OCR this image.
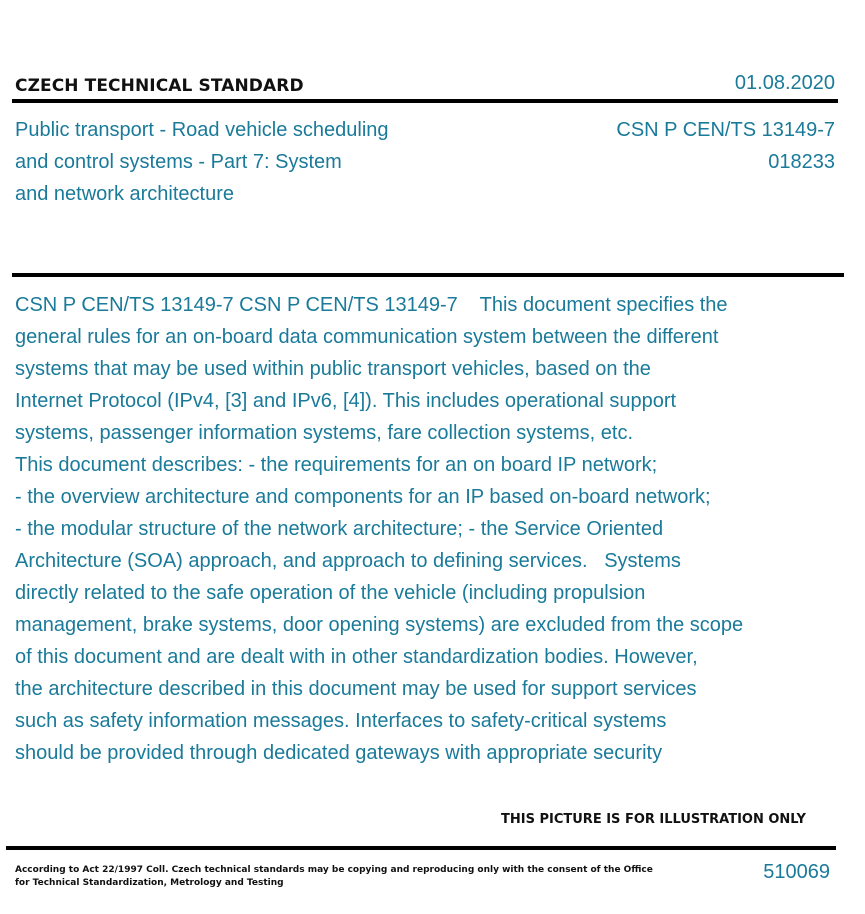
CZECH TECHNICAL STANDARD	01.08.2020
Public transport - Road vehicle scheduling
and control systems - Part 7: System
and network architecture
CSN P CEN/TS 13149-7
018233
CSN P CEN/TS 13149-7 CSN P CEN/TS 13149-7    This document specifies the
general rules for an on-board data communication system between the different
systems that may be used within public transport vehicles, based on the
Internet Protocol (IPv4, [3] and IPv6, [4]). This includes operational support
systems, passenger information systems, fare collection systems, etc.
This document describes: - the requirements for an on board IP network;
- the overview architecture and components for an IP based on-board network;
- the modular structure of the network architecture; - the Service Oriented
Architecture (SOA) approach, and approach to defining services.   Systems
directly related to the safe operation of the vehicle (including propulsion
management, brake systems, door opening systems) are excluded from the scope
of this document and are dealt with in other standardization bodies. However,
the architecture described in this document may be used for support services
such as safety information messages. Interfaces to safety-critical systems
should be provided through dedicated gateways with appropriate security
THIS PICTURE IS FOR ILLUSTRATION ONLY
According to Act 22/1997 Coll. Czech technical standards may be copying and reproducing only with the consent of the Office
for Technical Standardization, Metrology and Testing	510069
